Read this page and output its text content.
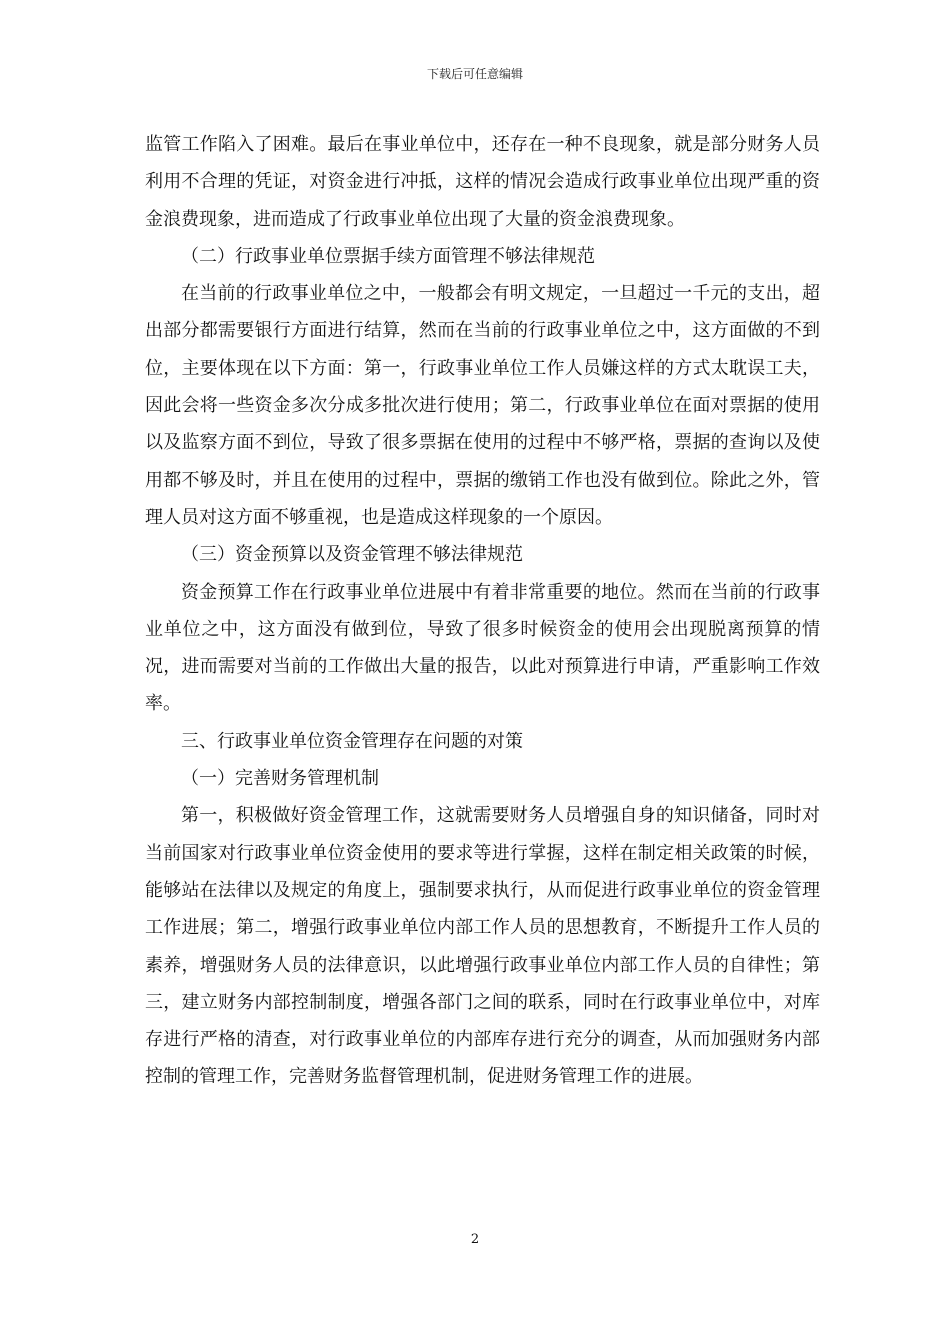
下载后可任意编辑

监管工作陷入了困难。最后在事业单位中，还存在一种不良现象，就是部分财务人员利用不合理的凭证，对资金进行冲抵，这样的情况会造成行政事业单位出现严重的资金浪费现象，进而造成了行政事业单位出现了大量的资金浪费现象。

（二）行政事业单位票据手续方面管理不够法律规范

在当前的行政事业单位之中，一般都会有明文规定，一旦超过一千元的支出，超出部分都需要银行方面进行结算，然而在当前的行政事业单位之中，这方面做的不到位，主要体现在以下方面：第一，行政事业单位工作人员嫌这样的方式太耽误工夫，因此会将一些资金多次分成多批次进行使用；第二，行政事业单位在面对票据的使用以及监察方面不到位，导致了很多票据在使用的过程中不够严格，票据的查询以及使用都不够及时，并且在使用的过程中，票据的缴销工作也没有做到位。除此之外，管理人员对这方面不够重视，也是造成这样现象的一个原因。

（三）资金预算以及资金管理不够法律规范

资金预算工作在行政事业单位进展中有着非常重要的地位。然而在当前的行政事业单位之中，这方面没有做到位，导致了很多时候资金的使用会出现脱离预算的情况，进而需要对当前的工作做出大量的报告，以此对预算进行申请，严重影响工作效率。

三、行政事业单位资金管理存在问题的对策

（一）完善财务管理机制

第一，积极做好资金管理工作，这就需要财务人员增强自身的知识储备，同时对当前国家对行政事业单位资金使用的要求等进行掌握，这样在制定相关政策的时候，能够站在法律以及规定的角度上，强制要求执行，从而促进行政事业单位的资金管理工作进展；第二，增强行政事业单位内部工作人员的思想教育，不断提升工作人员的素养，增强财务人员的法律意识，以此增强行政事业单位内部工作人员的自律性；第三，建立财务内部控制制度，增强各部门之间的联系，同时在行政事业单位中，对库存进行严格的清查，对行政事业单位的内部库存进行充分的调查，从而加强财务内部控制的管理工作，完善财务监督管理机制，促进财务管理工作的进展。

2
